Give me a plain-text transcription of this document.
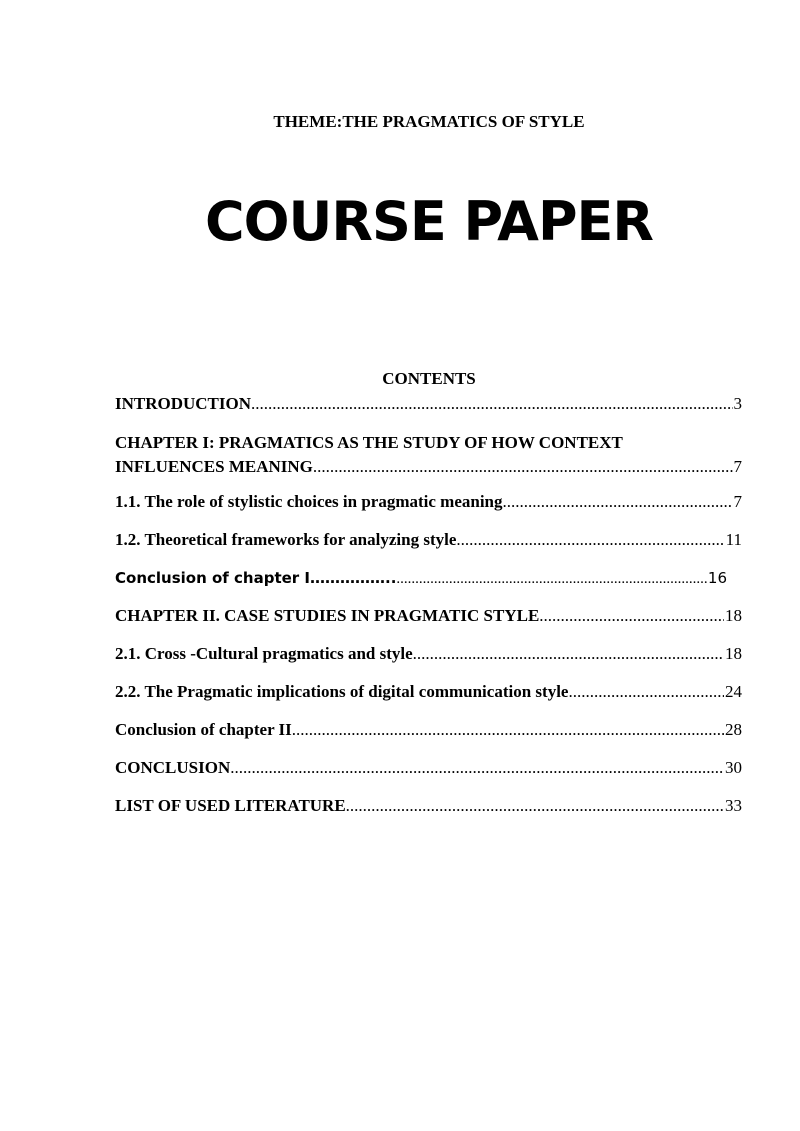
THEME:THE PRAGMATICS OF STYLE
COURSE PAPER
CONTENTS
INTRODUCTION .....	3
CHAPTER I: PRAGMATICS AS THE STUDY OF HOW CONTEXT
INFLUENCES MEANING .....	7
1.1. The role of stylistic choices in pragmatic meaning .....	7
1.2. Theoretical frameworks for analyzing style .....	11
Conclusion of chapter I…………….. .....	16
CHAPTER II. CASE STUDIES IN PRAGMATIC STYLE .....	18
2.1. Cross -Cultural pragmatics and style .....	18
2.2. The Pragmatic implications of digital communication style .....	24
Conclusion of chapter II .....	28
CONCLUSION .....	30
LIST OF USED LITERATURE .....	33
